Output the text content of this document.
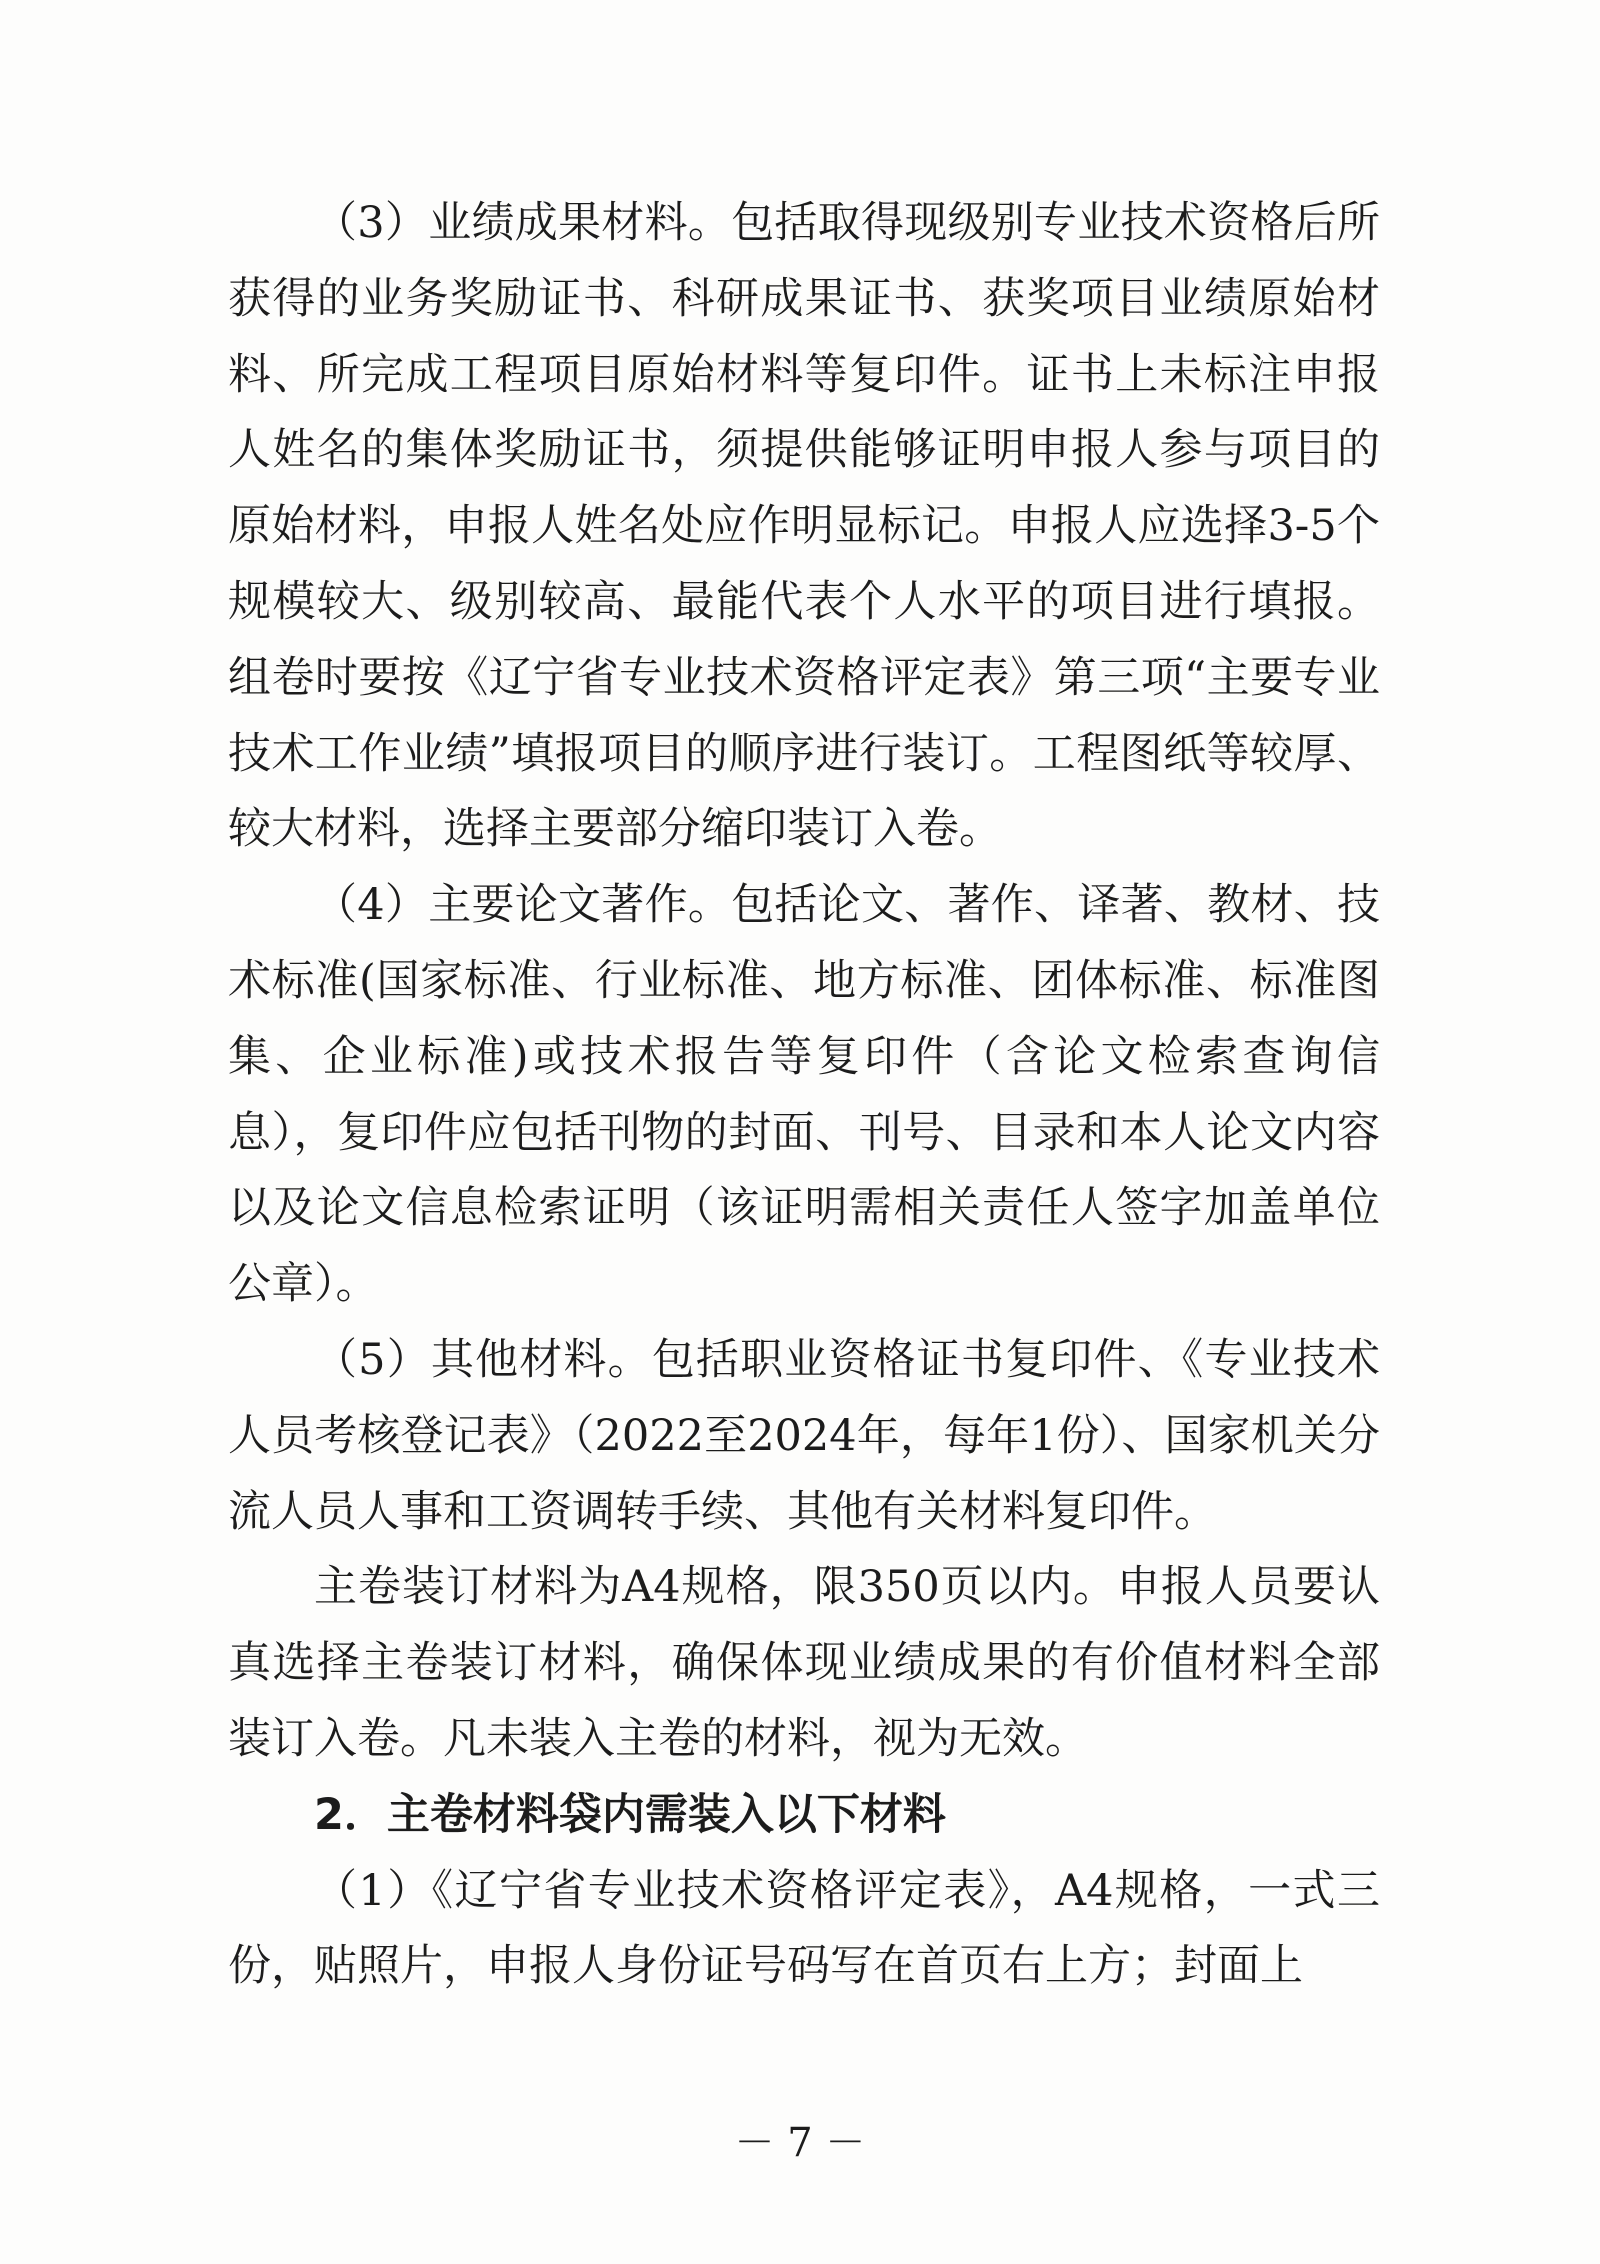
（3）业绩成果材料。包括取得现级别专业技术资格后所获得的业务奖励证书、科研成果证书、获奖项目业绩原始材料、所完成工程项目原始材料等复印件。证书上未标注申报人姓名的集体奖励证书，须提供能够证明申报人参与项目的原始材料，申报人姓名处应作明显标记。申报人应选择3-5个规模较大、级别较高、最能代表个人水平的项目进行填报。组卷时要按《辽宁省专业技术资格评定表》第三项“主要专业技术工作业绩”填报项目的顺序进行装订。工程图纸等较厚、较大材料，选择主要部分缩印装订入卷。

（4）主要论文著作。包括论文、著作、译著、教材、技术标准(国家标准、行业标准、地方标准、团体标准、标准图集、企业标准)或技术报告等复印件（含论文检索查询信息），复印件应包括刊物的封面、刊号、目录和本人论文内容以及论文信息检索证明（该证明需相关责任人签字加盖单位公章）。

（5）其他材料。包括职业资格证书复印件、《专业技术人员考核登记表》（2022至2024年，每年1份）、国家机关分流人员人事和工资调转手续、其他有关材料复印件。

主卷装订材料为A4规格，限350页以内。申报人员要认真选择主卷装订材料，确保体现业绩成果的有价值材料全部装订入卷。凡未装入主卷的材料，视为无效。

2．主卷材料袋内需装入以下材料

（1）《辽宁省专业技术资格评定表》，A4规格，一式三份，贴照片，申报人身份证号码写在首页右上方；封面上

－ 7 －
